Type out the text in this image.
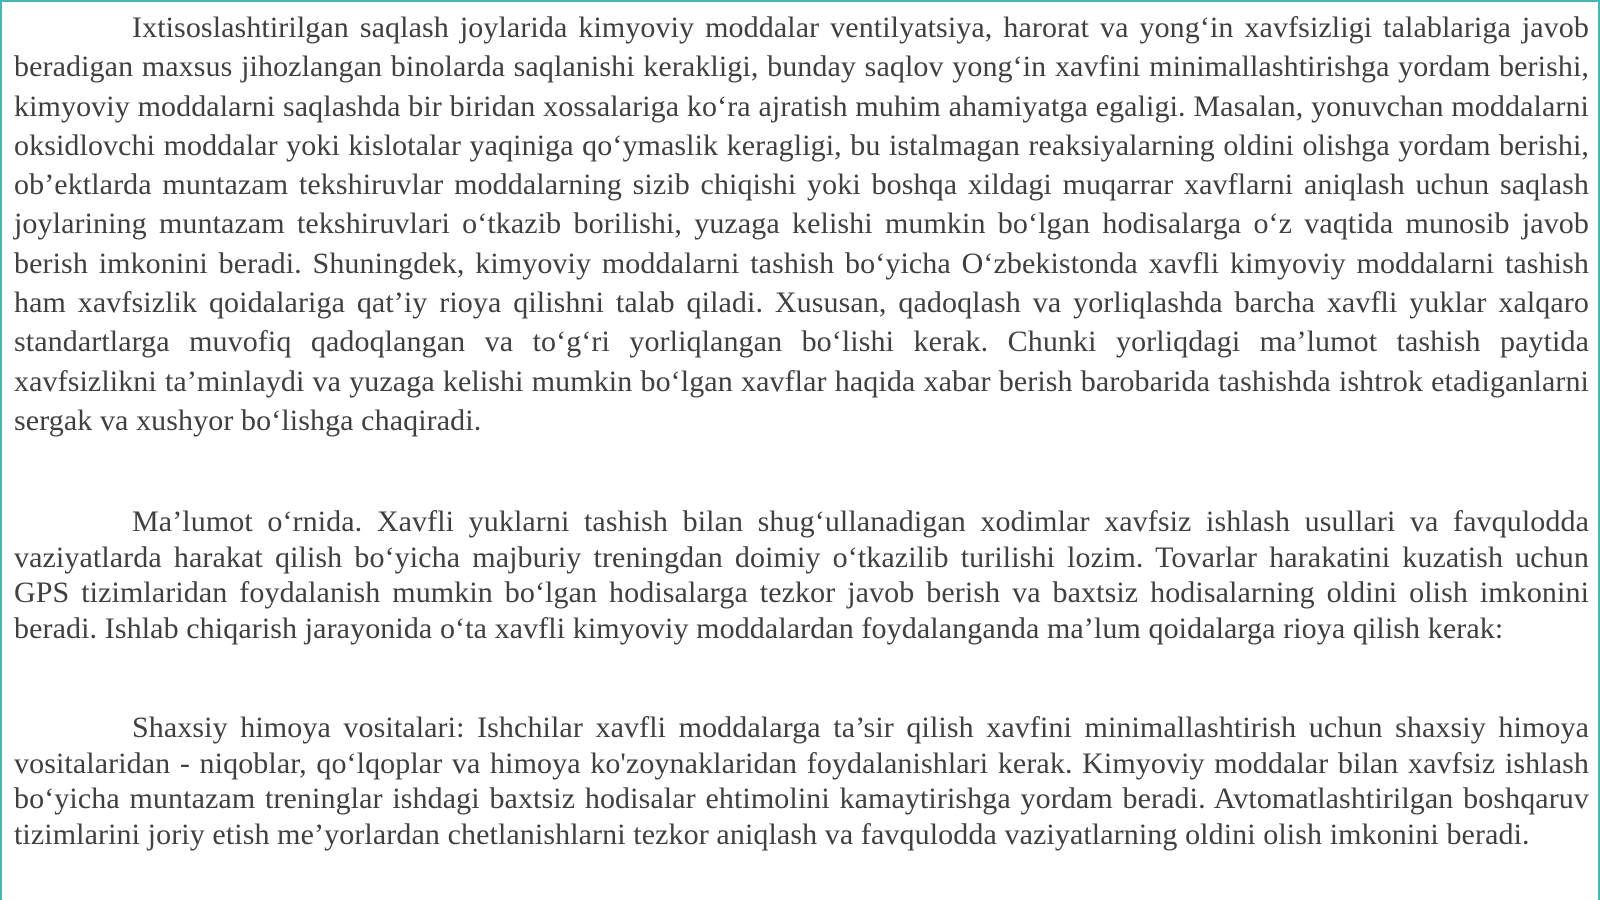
Ixtisoslashtirilgan saqlash joylarida kimyoviy moddalar ventilyatsiya, harorat va yong‘in xavfsizligi talablariga javob beradigan maxsus jihozlangan binolarda saqlanishi kerakligi, bunday saqlov yong‘in xavfini minimallashtirishga yordam berishi, kimyoviy moddalarni saqlashda bir biridan xossalariga ko‘ra ajratish muhim ahamiyatga egaligi. Masalan, yonuvchan moddalarni oksidlovchi moddalar yoki kislotalar yaqiniga qo‘ymaslik keragligi, bu istalmagan reaksiyalarning oldini olishga yordam berishi, ob’ektlarda muntazam tekshiruvlar moddalarning sizib chiqishi yoki boshqa xildagi muqarrar xavflarni aniqlash uchun saqlash joylarining muntazam tekshiruvlari o‘tkazib borilishi, yuzaga kelishi mumkin bo‘lgan hodisalarga o‘z vaqtida munosib javob berish imkonini beradi. Shuningdek, kimyoviy moddalarni tashish bo‘yicha O‘zbekistonda xavfli kimyoviy moddalarni tashish ham xavfsizlik qoidalariga qat’iy rioya qilishni talab qiladi. Xususan, qadoqlash va yorliqlashda barcha xavfli yuklar xalqaro standartlarga muvofiq qadoqlangan va to‘g‘ri yorliqlangan bo‘lishi kerak. Chunki yorliqdagi ma’lumot tashish paytida xavfsizlikni ta’minlaydi va yuzaga kelishi mumkin bo‘lgan xavflar haqida xabar berish barobarida tashishda ishtrok etadiganlarni sergak va xushyor bo‘lishga chaqiradi.

Ma’lumot o‘rnida. Xavfli yuklarni tashish bilan shug‘ullanadigan xodimlar xavfsiz ishlash usullari va favqulodda vaziyatlarda harakat qilish bo‘yicha majburiy treningdan doimiy o‘tkazilib turilishi lozim. Tovarlar harakatini kuzatish uchun GPS tizimlaridan foydalanish mumkin bo‘lgan hodisalarga tezkor javob berish va baxtsiz hodisalarning oldini olish imkonini beradi. Ishlab chiqarish jarayonida o‘ta xavfli kimyoviy moddalardan foydalanganda ma’lum qoidalarga rioya qilish kerak:

Shaxsiy himoya vositalari: Ishchilar xavfli moddalarga ta’sir qilish xavfini minimallashtirish uchun shaxsiy himoya vositalaridan - niqoblar, qo‘lqoplar va himoya ko'zoynaklaridan foydalanishlari kerak. Kimyoviy moddalar bilan xavfsiz ishlash bo‘yicha muntazam treninglar ishdagi baxtsiz hodisalar ehtimolini kamaytirishga yordam beradi. Avtomatlashtirilgan boshqaruv tizimlarini joriy etish me’yorlardan chetlanishlarni tezkor aniqlash va favqulodda vaziyatlarning oldini olish imkonini beradi.
